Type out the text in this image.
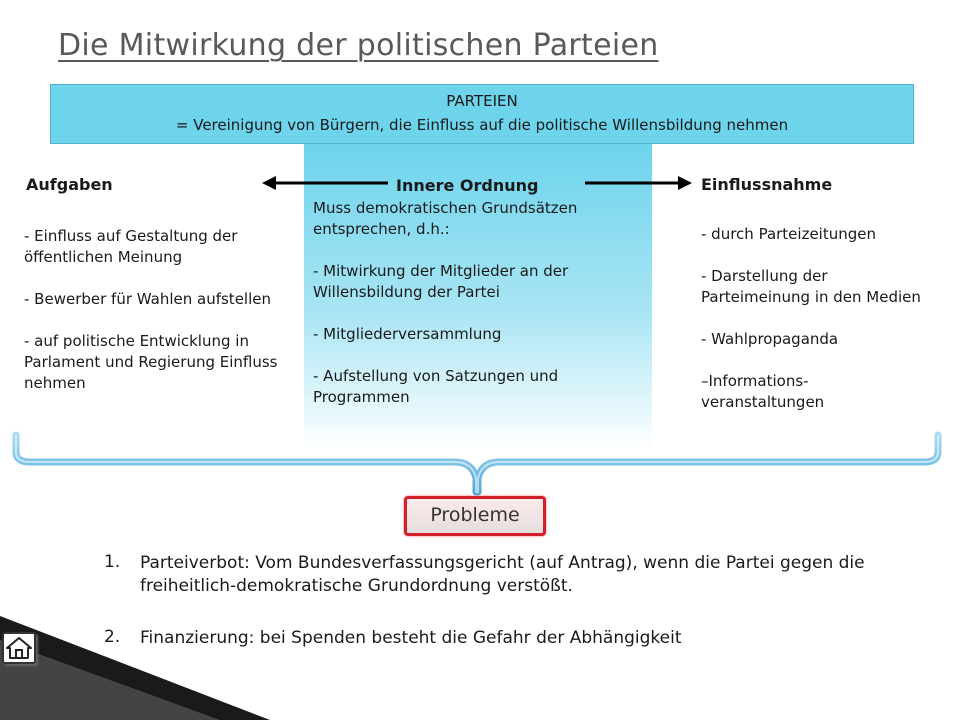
Die Mitwirkung der politischen Parteien
PARTEIEN
= Vereinigung von Bürgern, die Einfluss auf die politische Willensbildung nehmen
Aufgaben
- Einfluss auf Gestaltung der öffentlichen Meinung

- Bewerber für Wahlen aufstellen

- auf politische Entwicklung in Parlament und Regierung Einfluss nehmen
Innere Ordnung
Muss demokratischen Grundsätzen entsprechen, d.h.:

- Mitwirkung der Mitglieder an der Willensbildung der Partei

- Mitgliederversammlung

- Aufstellung von Satzungen und Programmen
Einflussnahme
- durch Parteizeitungen

- Darstellung der Parteimeinung in den Medien

- Wahlpropaganda

–Informations-veranstaltungen
Probleme
1. Parteiverbot: Vom Bundesverfassungsgericht (auf Antrag), wenn die Partei gegen die freiheitlich-demokratische Grundordnung verstößt.
2. Finanzierung: bei Spenden besteht die Gefahr der Abhängigkeit
9 © Thomas Roth, GK
